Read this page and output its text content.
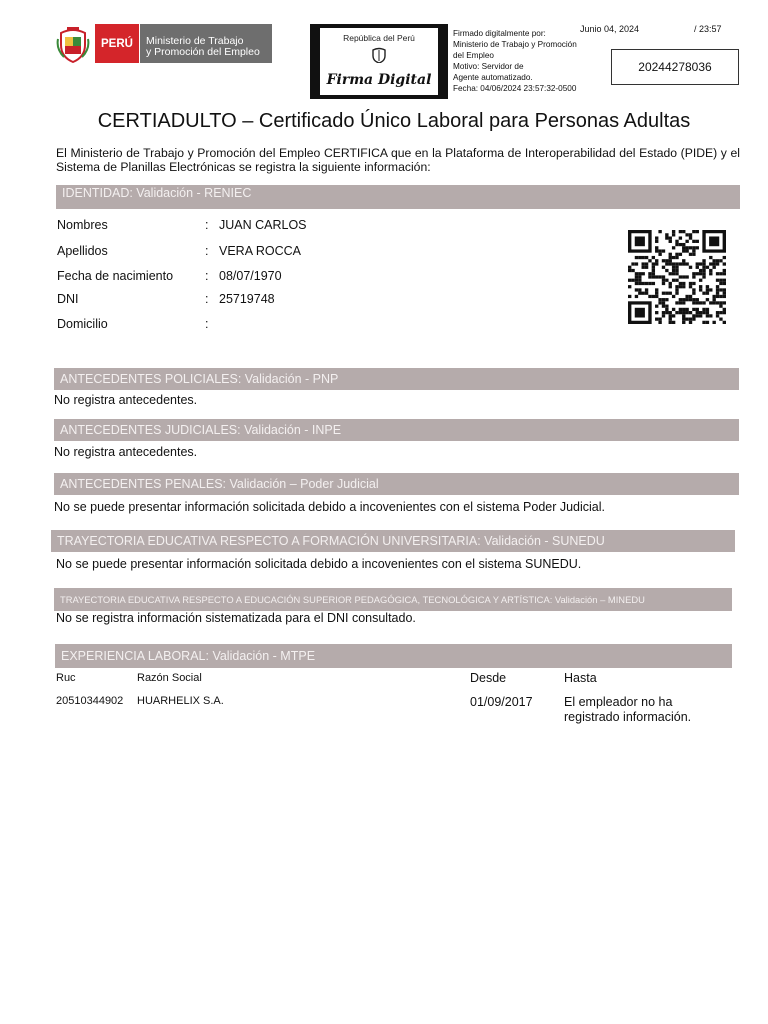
PERÚ	Ministerio de Trabajo
y Promoción del Empleo
República del Perú
Firma Digital
Firmado digitalmente por:
Ministerio de Trabajo y Promoción
del Empleo
Motivo: Servidor de
Agente automatizado.
Fecha: 04/06/2024 23:57:32-0500
Junio 04, 2024	/ 23:57
20244278036
CERTIADULTO – Certificado Único Laboral para Personas Adultas
El Ministerio de Trabajo y Promoción del Empleo CERTIFICA que en la Plataforma de Interoperabilidad del Estado (PIDE) y el Sistema de Planillas Electrónicas se registra la siguiente información:
IDENTIDAD: Validación - RENIEC
Nombres	: JUAN CARLOS
Apellidos	: VERA ROCCA
Fecha de nacimiento	: 08/07/1970
DNI	: 25719748
Domicilio	:
ANTECEDENTES POLICIALES: Validación - PNP
No registra antecedentes.
ANTECEDENTES JUDICIALES: Validación - INPE
No registra antecedentes.
ANTECEDENTES PENALES: Validación – Poder Judicial
No se puede presentar información solicitada debido a incovenientes con el sistema Poder Judicial.
TRAYECTORIA EDUCATIVA RESPECTO A FORMACIÓN UNIVERSITARIA: Validación - SUNEDU
No se puede presentar información solicitada debido a incovenientes con el sistema SUNEDU.
TRAYECTORIA EDUCATIVA RESPECTO A EDUCACIÓN SUPERIOR PEDAGÓGICA, TECNOLÓGICA Y ARTÍSTICA: Validación – MINEDU
No se registra información sistematizada para el DNI consultado.
EXPERIENCIA LABORAL: Validación - MTPE
Ruc	Razón Social	Desde	Hasta
20510344902 HUARHELIX S.A.	01/09/2017	El empleador no ha registrado información.
